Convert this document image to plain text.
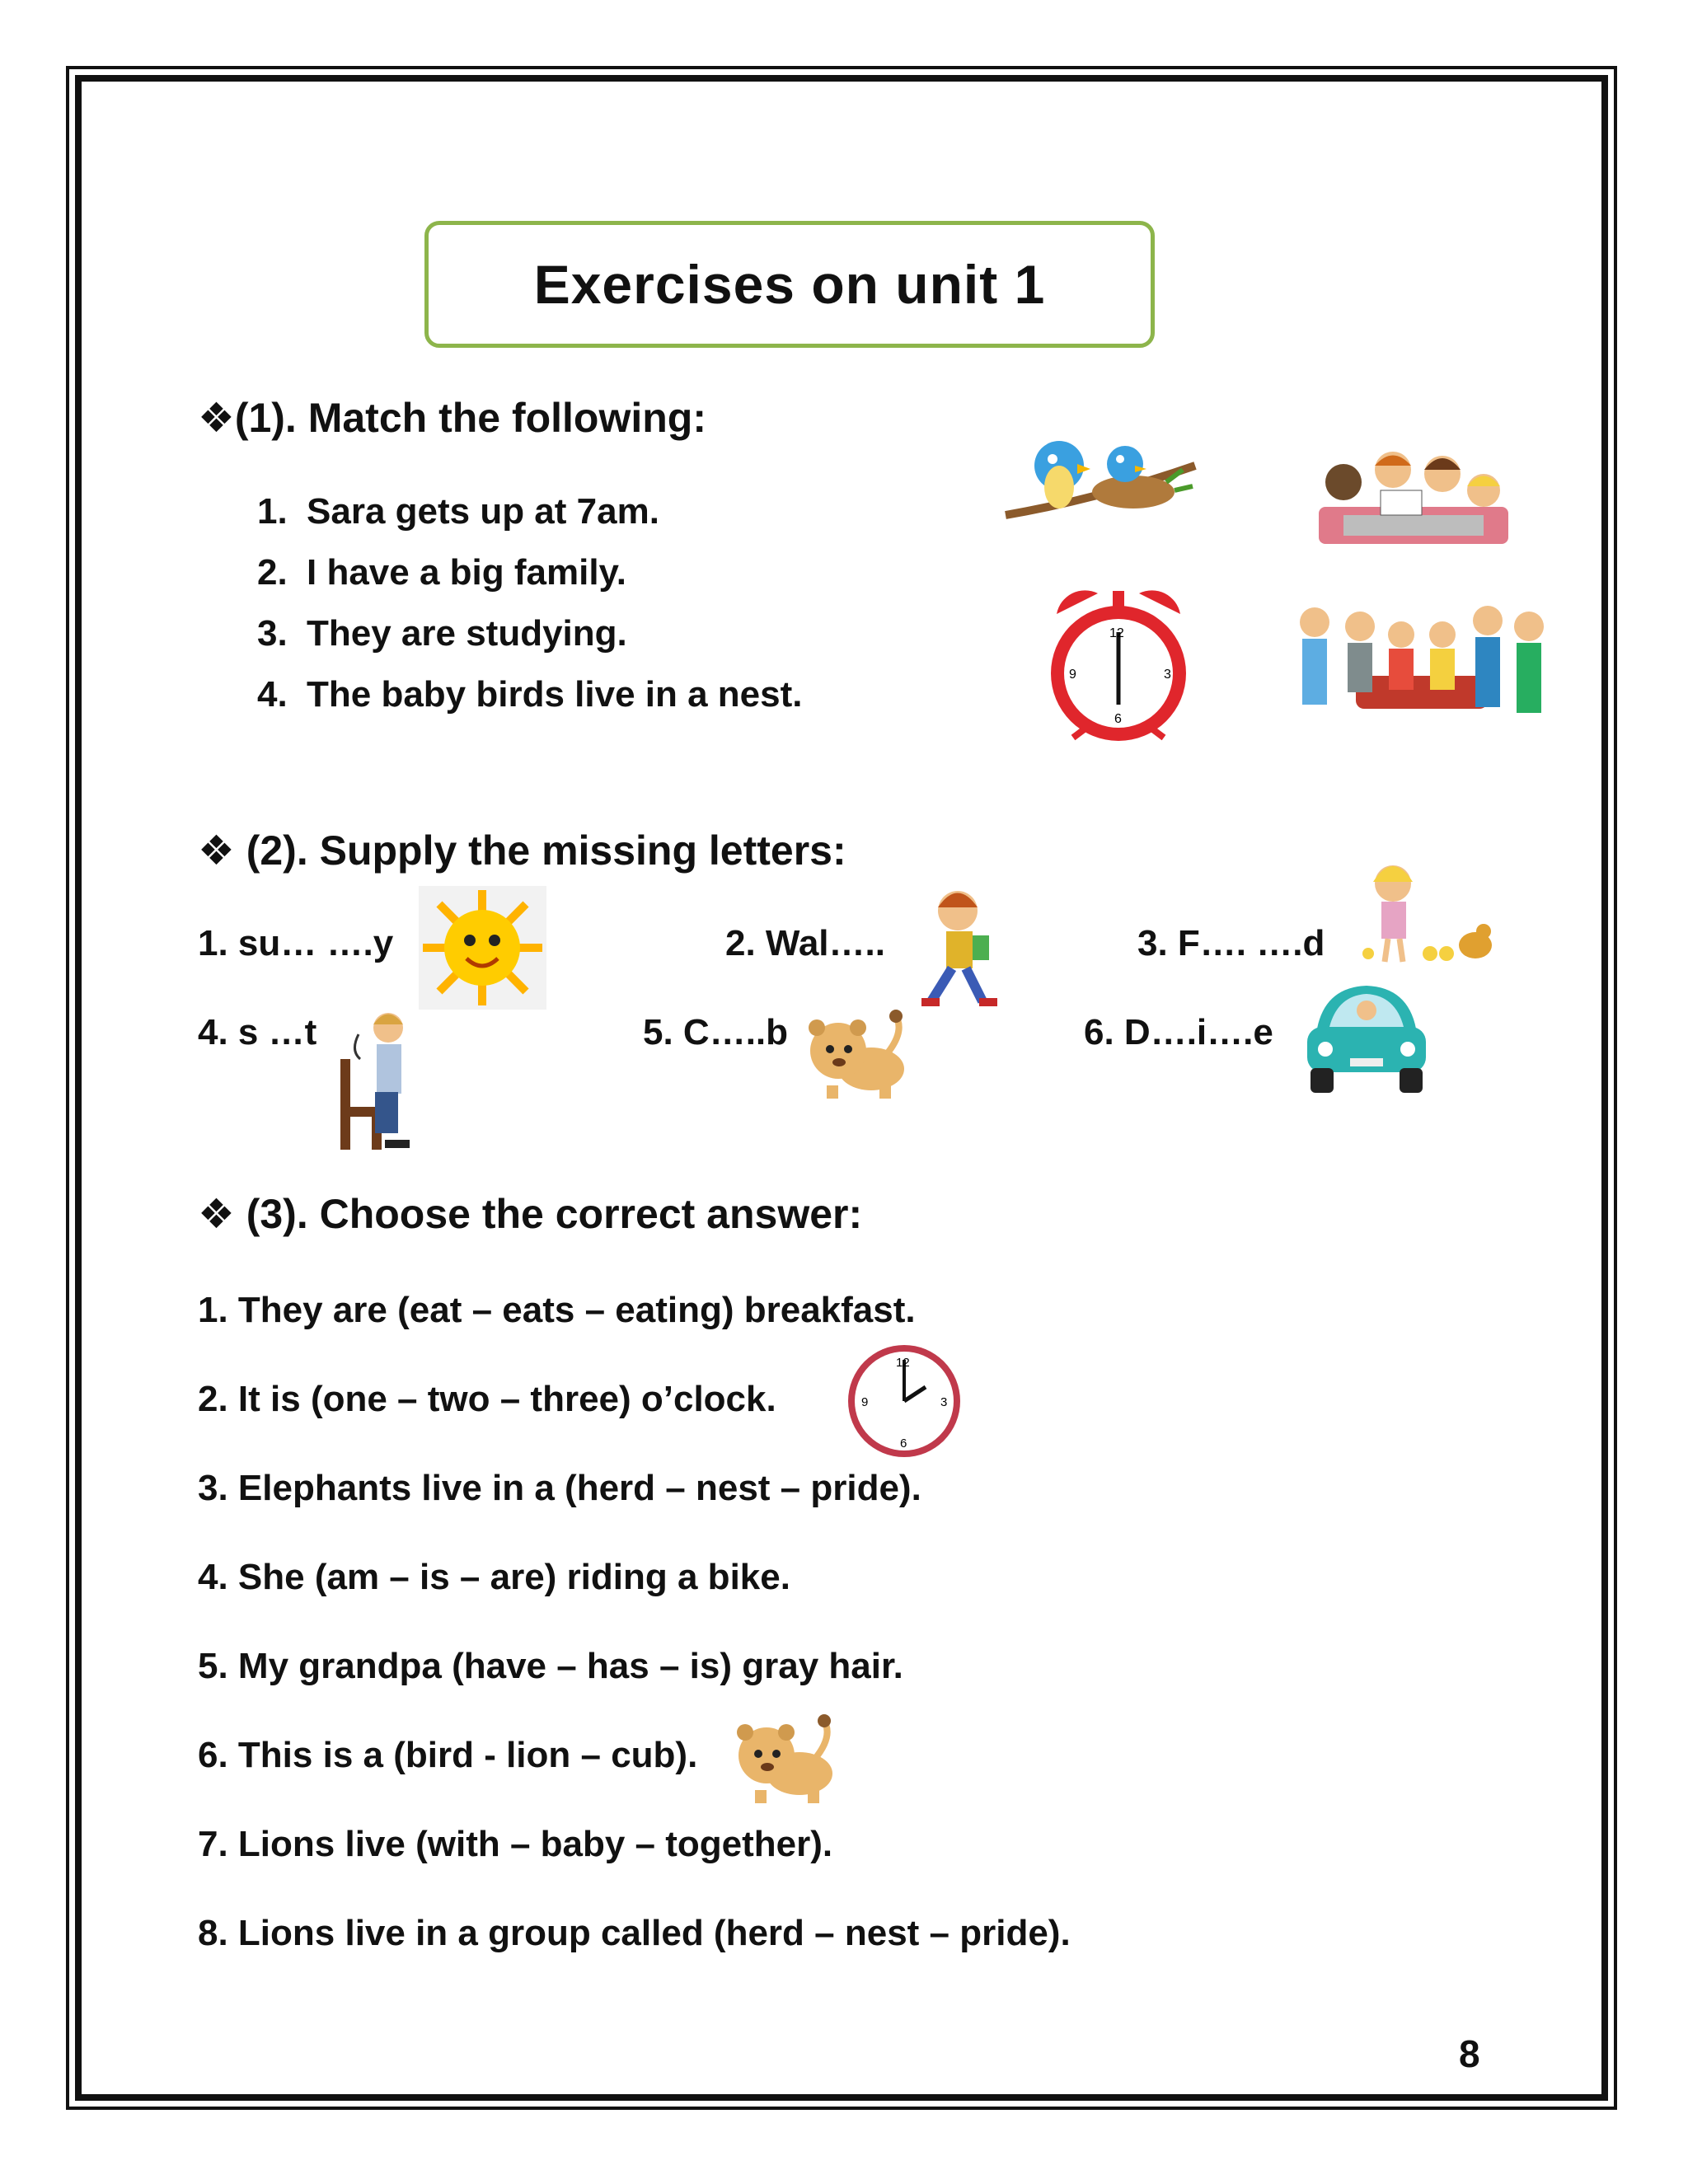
Exercises on unit 1
❖(1). Match the following:
1. Sara gets up at 7am.
2. I have a big family.
3. They are studying.
4. The baby birds live in a nest.
12
3
6
9
❖ (2). Supply the missing letters:
1. su… ….y	2. Wal…..	3. F…. ….d
4. s …t	5. C…..b	6. D….i….e
❖ (3). Choose the correct answer:
1. They are (eat – eats – eating) breakfast.
2. It is (one – two – three) o’clock.
12
3
6
9
3. Elephants live in a (herd – nest – pride).
4. She (am – is – are) riding a bike.
5. My grandpa (have – has – is) gray hair.
6. This is a (bird - lion – cub).
7. Lions live (with – baby – together).
8. Lions live in a group called (herd – nest – pride).
8
